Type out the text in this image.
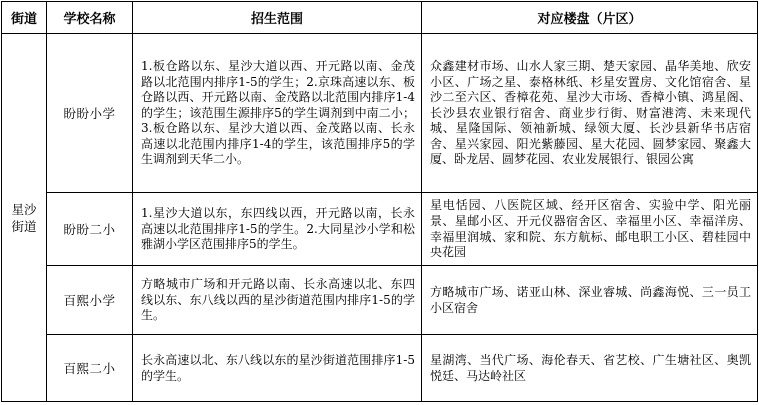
街道	学校名称	招生范围	对应楼盘（片区）
星沙街道	盼盼小学	1.板仓路以东、星沙大道以西、开元路以南、金茂路以北范围内排序1-5的学生；2.京珠高速以东、板仓路以西、开元路以南、金茂路以北范围内排序1-4的学生；该范围生源排序5的学生调剂到中南二小；3.板仓路以东、星沙大道以西、金茂路以南、长永高速以北范围内排序1-4的学生，该范围排序5的学生调剂到天华二小。	众鑫建材市场、山水人家三期、楚天家园、晶华美地、欣安小区、广场之星、泰格林纸、杉星安置房、文化馆宿舍、星沙二至六区、香樟花苑、星沙大市场、香樟小镇、鸿星阁、长沙县农业银行宿舍、商业步行街、财富港湾、未来现代城、星隆国际、领袖新城、绿领大厦、长沙县新华书店宿舍、星兴家园、阳光紫藤园、星大花园、圆梦家园、聚鑫大厦、卧龙居、圆梦花园、农业发展银行、银园公寓

	盼盼二小	1.星沙大道以东，东四线以西，开元路以南，长永高速以北范围排序1-5的学生。2.大同星沙小学和松雅湖小学区范围排序5的学生。	星电恬园、八医院区域、经开区宿舍、实验中学、阳光丽景、星邮小区、开元仪器宿舍区、幸福里小区、幸福洋房、幸福里润城、家和院、东方航标、邮电职工小区、碧桂园中央花园

	百熙小学	方略城市广场和开元路以南、长永高速以北、东四线以东、东八线以西的星沙街道范围内排序1-5的学生。	方略城市广场、诺亚山林、深业睿城、尚鑫海悦、三一员工小区宿舍

	百熙二小	长永高速以北、东八线以东的星沙街道范围排序1-5的学生。	星湖湾、当代广场、海伦春天、省艺校、广生塘社区、奥凯悦廷、马达岭社区
